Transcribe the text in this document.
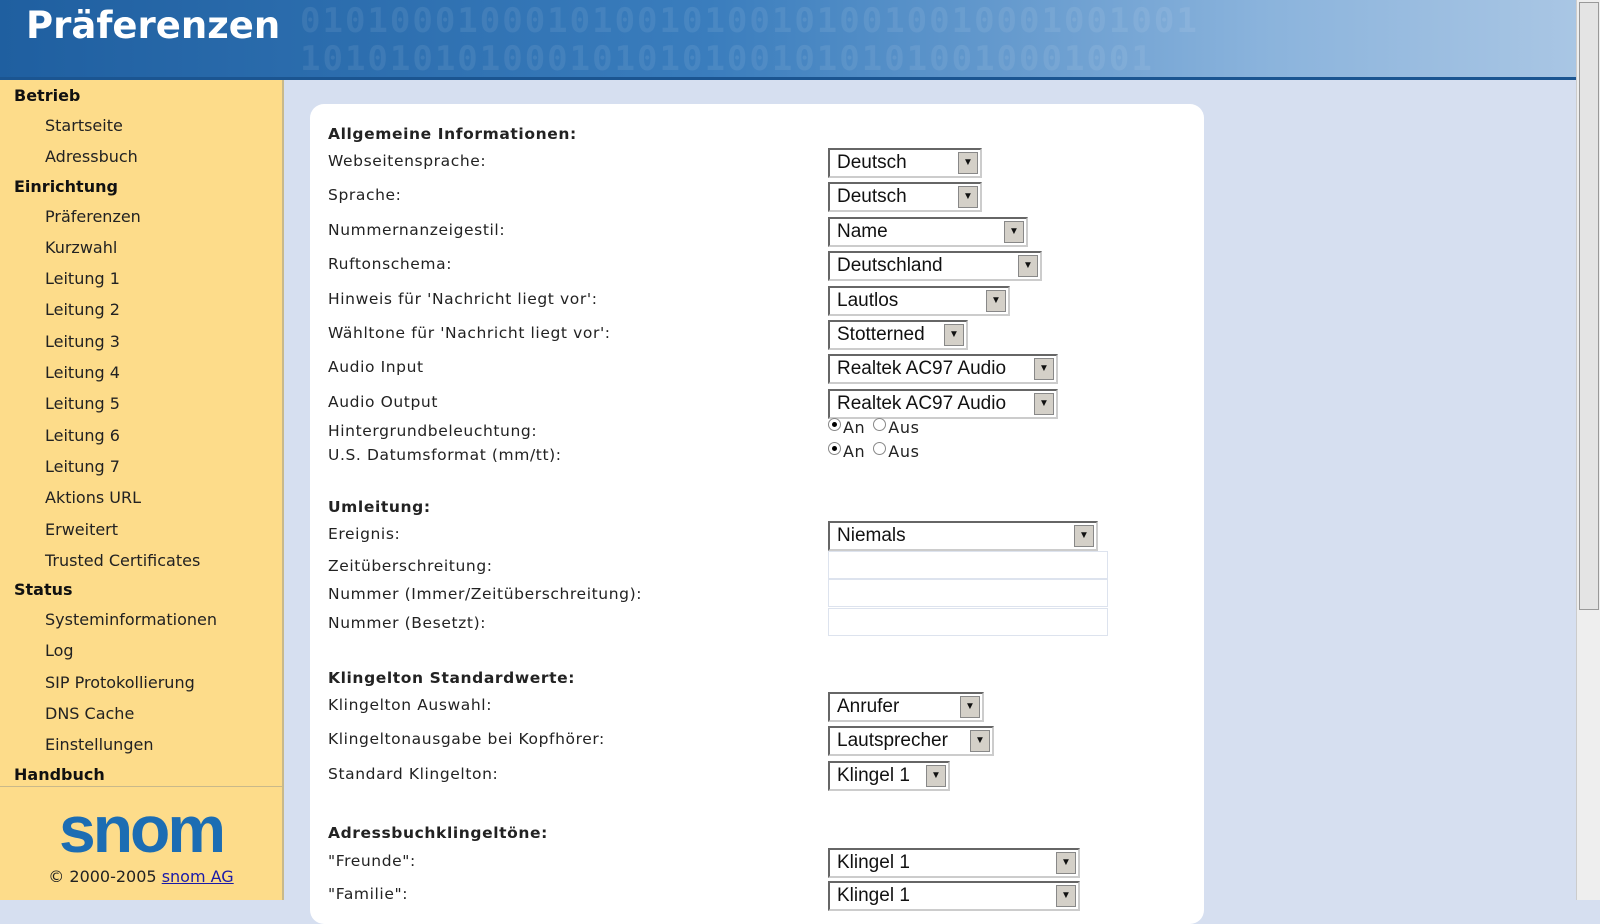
0101000100010100101001010010010001001001
10101010100010101010010101010010001001
Präferenzen
Betrieb
Startseite
Adressbuch
Einrichtung
Präferenzen
Kurzwahl
Leitung 1
Leitung 2
Leitung 3
Leitung 4
Leitung 5
Leitung 6
Leitung 7
Aktions URL
Erweitert
Trusted Certificates
Status
Systeminformationen
Log
SIP Protokollierung
DNS Cache
Einstellungen
Handbuch
snom
© 2000-2005 snom AG
Allgemeine Informationen:
Webseitensprache:	Deutsch	▼
Sprache:	Deutsch	▼
Nummernanzeigestil:	Name	▼
Ruftonschema:	Deutschland	▼
Hinweis für 'Nachricht liegt vor':	Lautlos	▼
Wähltone für 'Nachricht liegt vor':	Stotterned	▼
Audio Input	Realtek AC97 Audio	▼
Audio Output	Realtek AC97 Audio	▼
Hintergrundbeleuchtung:	An	Aus
U.S. Datumsformat (mm/tt):	An	Aus
Umleitung:
Ereignis:	Niemals	▼
Zeitüberschreitung:
Nummer (Immer/Zeitüberschreitung):
Nummer (Besetzt):
Klingelton Standardwerte:
Klingelton Auswahl:	Anrufer	▼
Klingeltonausgabe bei Kopfhörer:	Lautsprecher	▼
Standard Klingelton:	Klingel 1	▼
Adressbuchklingeltöne:
"Freunde":	Klingel 1	▼
"Familie":	Klingel 1	▼
